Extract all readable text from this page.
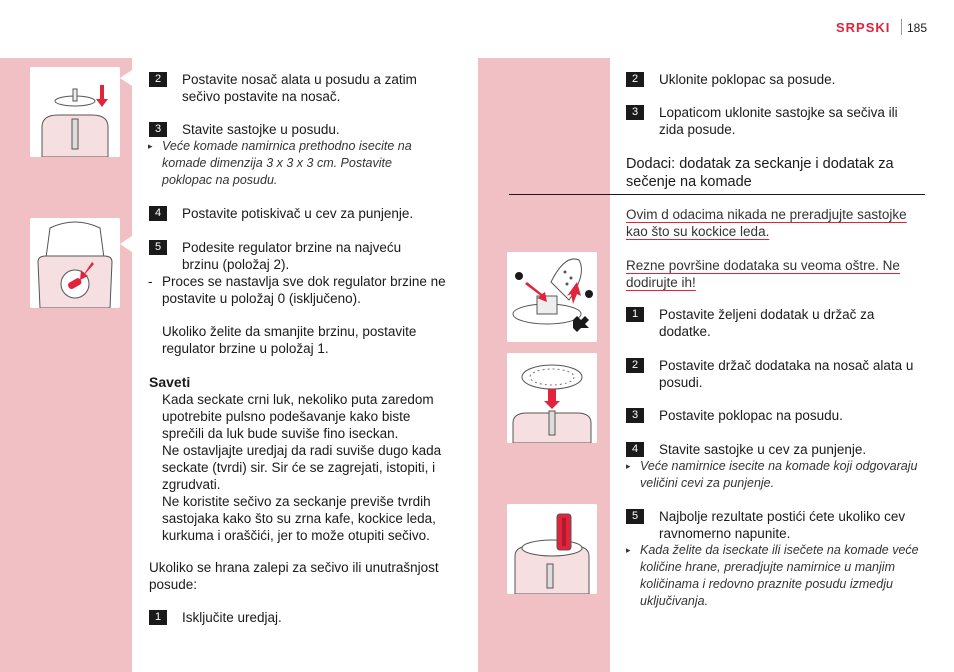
SRPSKI 185
2	Postavite nosač alata u posudu a zatim
sečivo postavite na nosač.
3	Stavite sastojke u posudu.
▸ Veće komade namirnica prethodno isecite na
komade dimenzija 3 x 3 x 3 cm. Postavite
poklopac na posudu.
4	Postavite potiskivač u cev za punjenje.
5	Podesite regulator brzine na najveću
brzinu (položaj 2).
- Proces se nastavlja sve dok regulator brzine ne
postavite u položaj 0 (isključeno).
Ukoliko želite da smanjite brzinu, postavite
regulator brzine u položaj 1.
Saveti
Kada seckate crni luk, nekoliko puta zaredom
upotrebite pulsno podešavanje kako biste
sprečili da luk bude suviše fino iseckan.
Ne ostavljajte uredjaj da radi suviše dugo kada
seckate (tvrdi) sir. Sir će se zagrejati, istopiti, i
zgrudvati.
Ne koristite sečivo za seckanje previše tvrdih
sastojaka kako što su zrna kafe, kockice leda,
kurkuma i oraščići, jer to može otupiti sečivo.
Ukoliko se hrana zalepi za sečivo ili unutrašnjost
posude:
1	Isključite uredjaj.
2	Uklonite poklopac sa posude.
3	Lopaticom uklonite sastojke sa sečiva ili
zida posude.
Dodaci: dodatak za seckanje i dodatak za
sečenje na komade
Ovim d odacima nikada ne preradjujte sastojke
kao što su kockice leda.
Rezne površine dodataka su veoma oštre. Ne
dodirujte ih!
1	Postavite željeni dodatak u držač za
dodatke.
2	Postavite držač dodataka na nosač alata u
posudi.
3	Postavite poklopac na posudu.
4	Stavite sastojke u cev za punjenje.
▸ Veće namirnice isecite na komade koji odgovaraju
veličini cevi za punjenje.
5	Najbolje rezultate postići ćete ukoliko cev
ravnomerno napunite.
▸ Kada želite da iseckate ili isečete na komade veće
količine hrane, preradjujte namirnice u manjim
količinama i redovno praznite posudu izmedju
uključivanja.
